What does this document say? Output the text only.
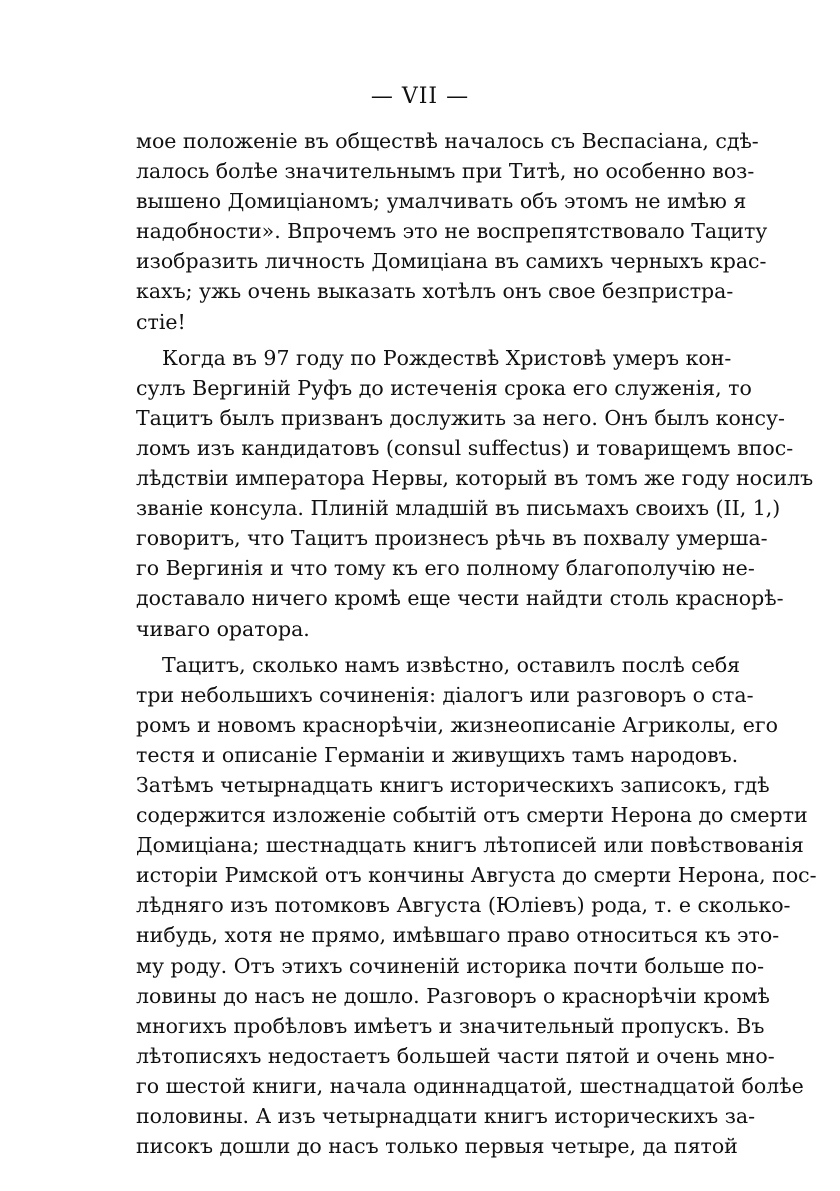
— VII —
мое положеніе въ обществѣ началось съ Веспасіана, сдѣ-
лалось болѣе значительнымъ при Титѣ, но особенно воз-
вышено Домиціаномъ; умалчивать объ этомъ не имѣю я
надобности». Впрочемъ это не воспрепятствовало Тациту
изобразить личность Домиціана въ самихъ черныхъ крас-
кахъ; ужь очень выказать хотѣлъ онъ свое безпристра-
стіе!
Когда въ 97 году по Рождествѣ Христовѣ умеръ кон-
сулъ Вергиній Руфъ до истеченія срока его служенія, то
Тацитъ былъ призванъ дослужить за него. Онъ былъ консу-
ломъ изъ кандидатовъ (consul suffectus) и товарищемъ впос-
лѣдствіи императора Нервы, который въ томъ же году носилъ
званіе консула. Плиній младшій въ письмахъ своихъ (II, 1,)
говоритъ, что Тацитъ произнесъ рѣчь въ похвалу умерша-
го Вергинія и что тому къ его полному благополучію не-
доставало ничего кромѣ еще чести найдти столь краснорѣ-
чиваго оратора.
Тацитъ, сколько намъ извѣстно, оставилъ послѣ себя
три небольшихъ сочиненія: діалогъ или разговоръ о ста-
ромъ и новомъ краснорѣчіи, жизнеописаніе Агриколы, его
тестя и описаніе Германіи и живущихъ тамъ народовъ.
Затѣмъ четырнадцать книгъ историческихъ записокъ, гдѣ
содержится изложеніе событій отъ смерти Нерона до смерти
Домиціана; шестнадцать книгъ лѣтописей или повѣствованія
исторіи Римской отъ кончины Августа до смерти Нерона, пос-
лѣдняго изъ потомковъ Августа (Юліевъ) рода, т. е сколько-
нибудь, хотя не прямо, имѣвшаго право относиться къ это-
му роду. Отъ этихъ сочиненій историка почти больше по-
ловины до насъ не дошло. Разговоръ о краснорѣчіи кромѣ
многихъ пробѣловъ имѣетъ и значительный пропускъ. Въ
лѣтописяхъ недостаетъ большей части пятой и очень мно-
го шестой книги, начала одиннадцатой, шестнадцатой болѣе
половины. А изъ четырнадцати книгъ историческихъ за-
писокъ дошли до насъ только первыя четыре, да пятой
